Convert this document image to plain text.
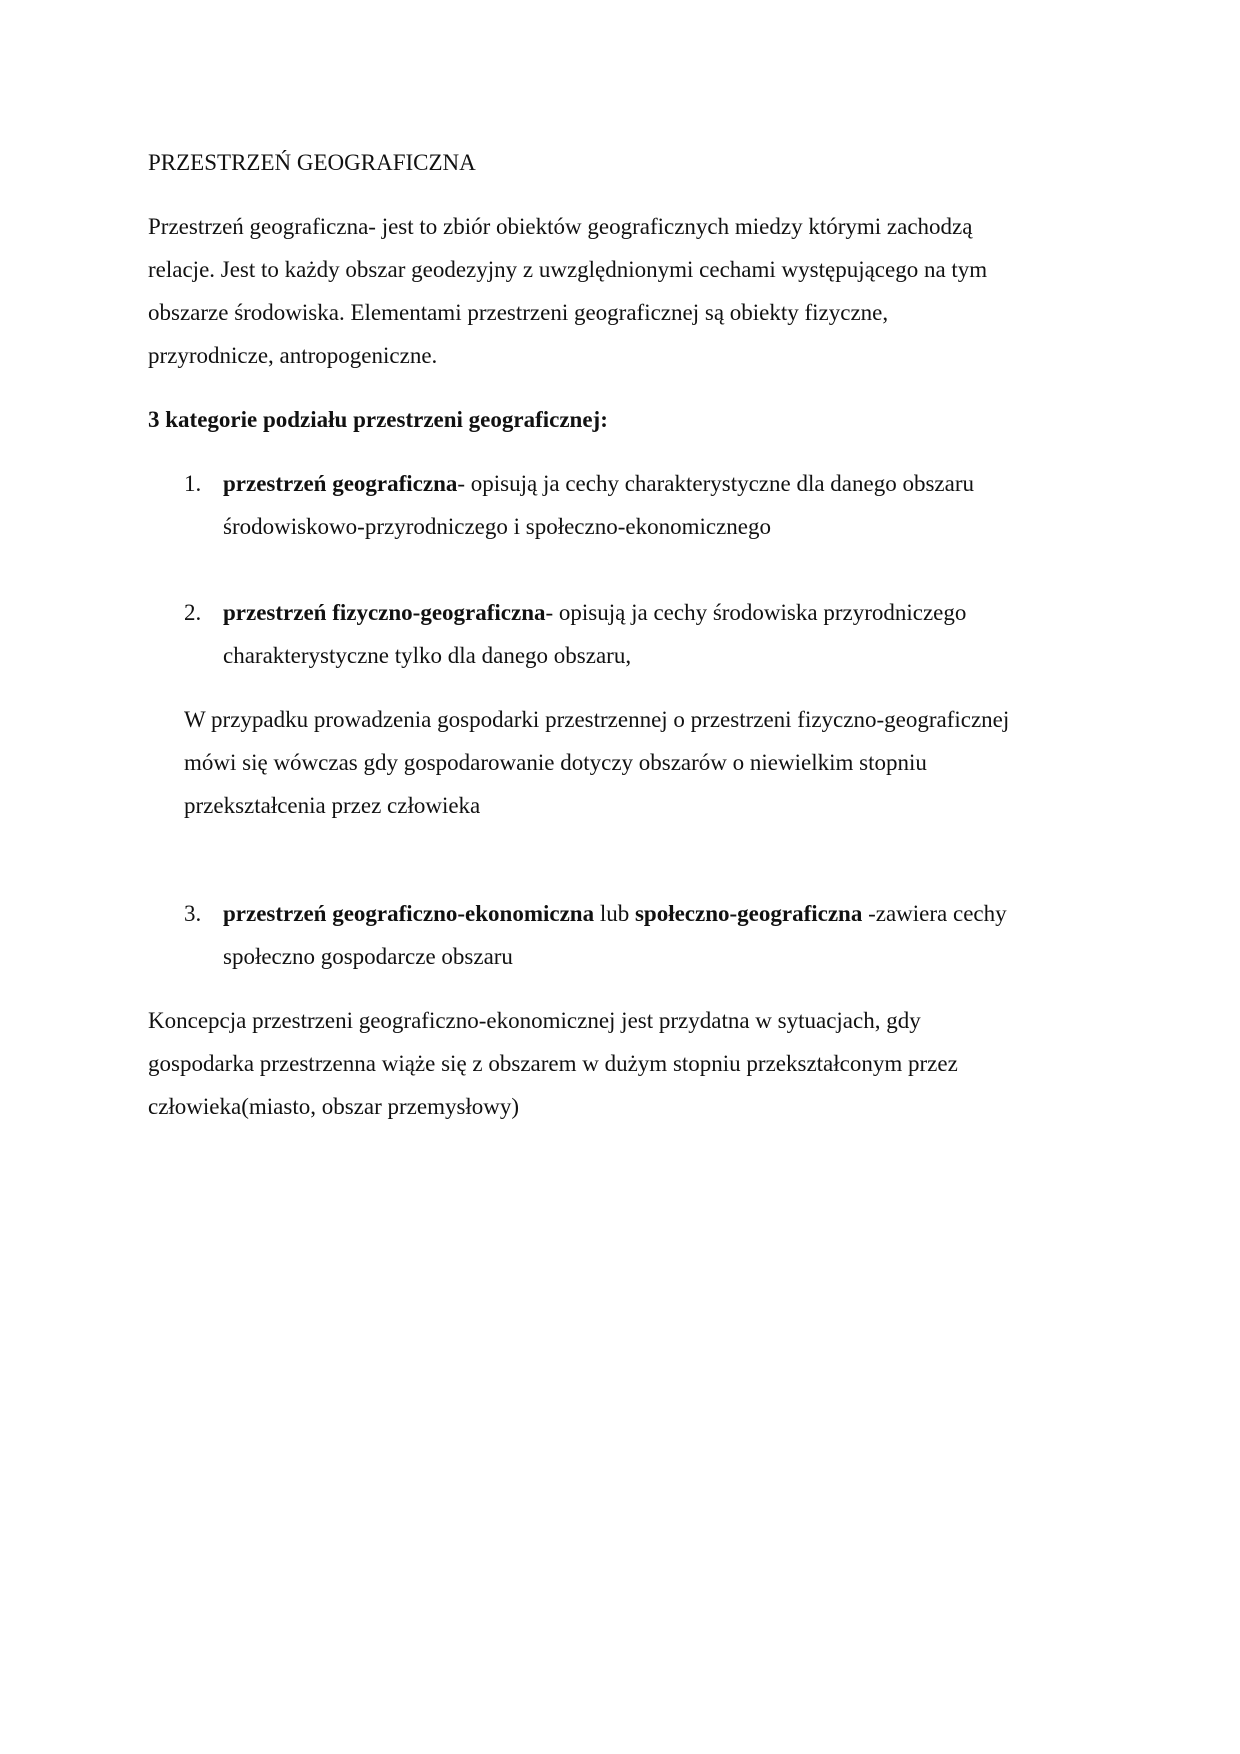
PRZESTRZEŃ GEOGRAFICZNA
Przestrzeń geograficzna- jest to zbiór obiektów geograficznych miedzy którymi zachodzą
relacje. Jest to każdy obszar geodezyjny z uwzględnionymi cechami występującego na tym
obszarze środowiska. Elementami przestrzeni geograficznej są obiekty fizyczne,
przyrodnicze, antropogeniczne.
3 kategorie podziału przestrzeni geograficznej:
1. przestrzeń geograficzna- opisują ja cechy charakterystyczne dla danego obszaru
środowiskowo-przyrodniczego i społeczno-ekonomicznego
2. przestrzeń fizyczno-geograficzna- opisują ja cechy środowiska przyrodniczego
charakterystyczne tylko dla danego obszaru,
W przypadku prowadzenia gospodarki przestrzennej o przestrzeni fizyczno-geograficznej
mówi się wówczas gdy gospodarowanie dotyczy obszarów o niewielkim stopniu
przekształcenia przez człowieka
3. przestrzeń geograficzno-ekonomiczna lub społeczno-geograficzna -zawiera cechy
społeczno gospodarcze obszaru
Koncepcja przestrzeni geograficzno-ekonomicznej jest przydatna w sytuacjach, gdy
gospodarka przestrzenna wiąże się z obszarem w dużym stopniu przekształconym przez
człowieka(miasto, obszar przemysłowy)
